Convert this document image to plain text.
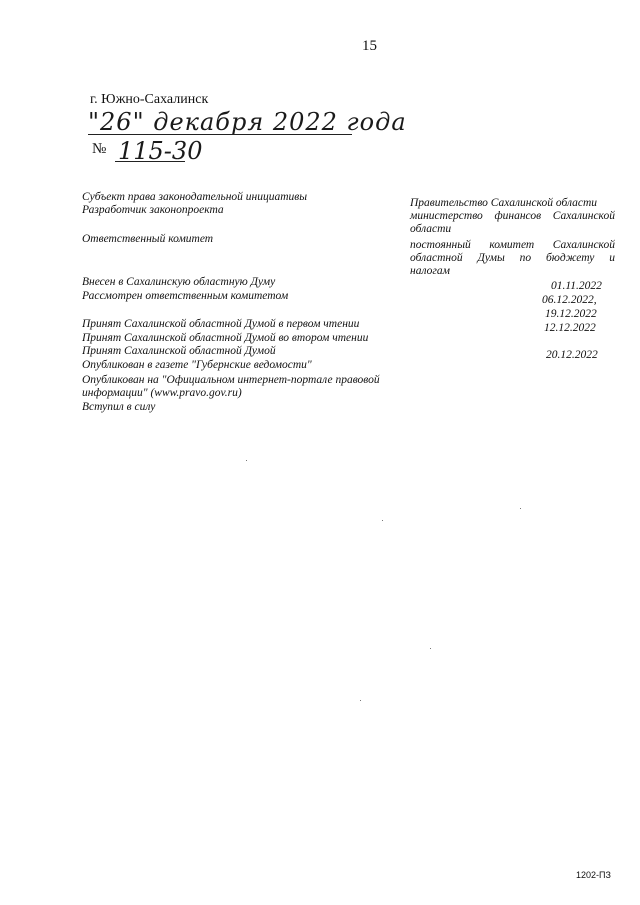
15
г. Южно-Сахалинск
"26" декабря 2022 года
№ 115-30
Субъект права законодательной инициативы
Разработчик законопроекта
Ответственный комитет
Внесен в Сахалинскую областную Думу
Рассмотрен ответственным комитетом
Принят Сахалинской областной Думой в первом чтении
Принят Сахалинской областной Думой во втором чтении
Принят Сахалинской областной Думой
Опубликован в газете "Губернские ведомости"
Опубликован на "Официальном интернет-портале правовой
информации" (www.pravo.gov.ru)
Вступил в силу
Правительство Сахалинской области
министерство финансов Сахалинской
области
постоянный комитет Сахалинской
областной Думы по бюджету и
налогам
01.11.2022
06.12.2022,
19.12.2022
12.12.2022
20.12.2022
1202-ПЗ
